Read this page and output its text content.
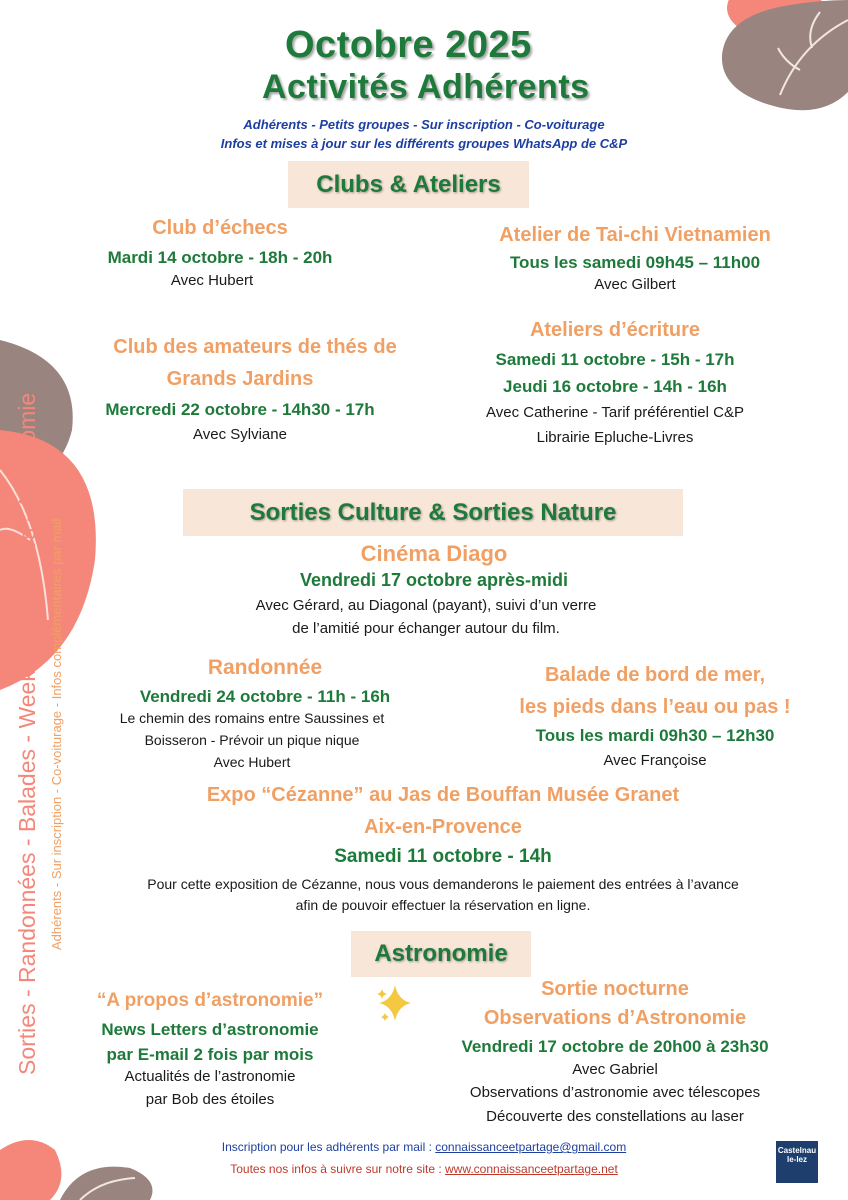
Sorties - Randonnées - Balades - Week-end - Ateliers - Astronomie Adhérents - Sur inscription - Co-voiturage - Infos complémentaires par mail
Octobre 2025
Activités Adhérents
Adhérents - Petits groupes - Sur inscription - Co-voiturage
Infos et mises à jour sur les différents groupes WhatsApp de C&P
Clubs & Ateliers
Club d’échecs
Mardi 14 octobre - 18h - 20h
Avec Hubert
Atelier de Tai-chi Vietnamien
Tous les samedi 09h45 – 11h00
Avec Gilbert
Club des amateurs de thés de
Grands Jardins
Mercredi 22 octobre - 14h30 - 17h
Avec Sylviane
Ateliers d’écriture
Samedi 11 octobre - 15h - 17h
Jeudi 16 octobre - 14h - 16h
Avec Catherine - Tarif préférentiel C&P
Librairie Epluche-Livres
Sorties Culture & Sorties Nature
Cinéma Diago
Vendredi 17 octobre après-midi
Avec Gérard, au Diagonal (payant), suivi d’un verre
de l’amitié pour échanger autour du film.
Randonnée
Vendredi 24 octobre - 11h - 16h
Le chemin des romains entre Saussines et
Boisseron - Prévoir un pique nique
Avec Hubert
Balade de bord de mer,
les pieds dans l’eau ou pas !
Tous les mardi 09h30 – 12h30
Avec Françoise
Expo “Cézanne” au Jas de Bouffan Musée Granet
Aix-en-Provence
Samedi 11 octobre - 14h
Pour cette exposition de Cézanne, nous vous demanderons le paiement des entrées à l’avance
afin de pouvoir effectuer la réservation en ligne.
Astronomie
“A propos d’astronomie”
News Letters d’astronomie
par E-mail 2 fois par mois
Actualités de l’astronomie
par Bob des étoiles
Sortie nocturne
Observations d’Astronomie
Vendredi 17 octobre de 20h00 à 23h30
Avec Gabriel
Observations d’astronomie avec télescopes
Découverte des constellations au laser
Inscription pour les adhérents par mail : connaissanceetpartage@gmail.com
Toutes nos infos à suivre sur notre site : www.connaissanceetpartage.net
Castelnau
le-lez
